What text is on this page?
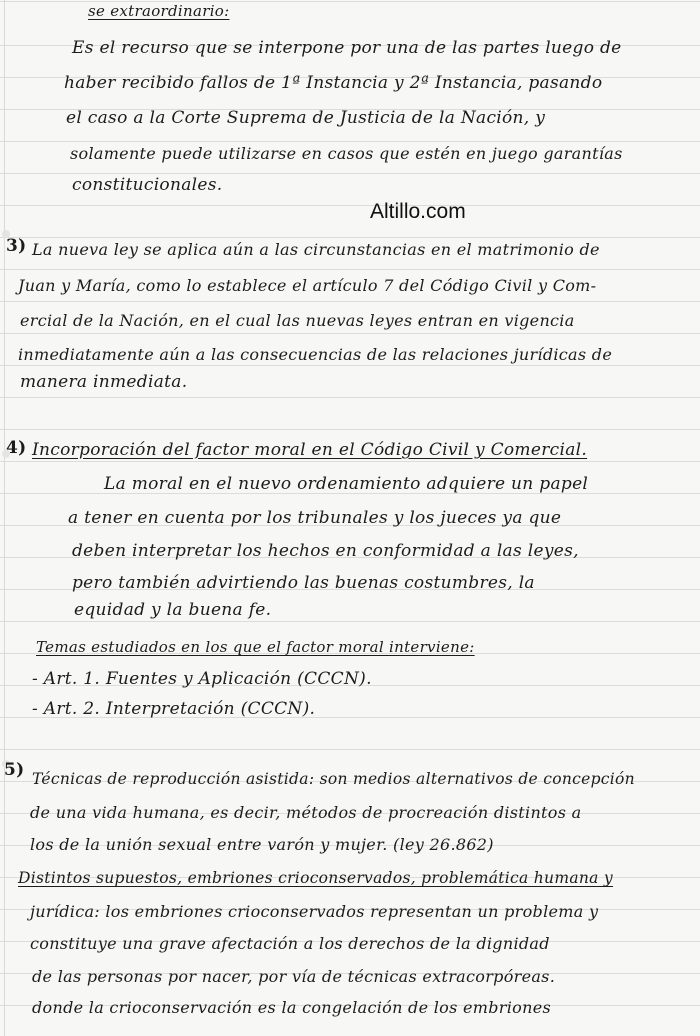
se extraordinario:
Es el recurso que se interpone por una de las partes luego de
haber recibido fallos de 1ª Instancia y 2ª Instancia, pasando
el caso a la Corte Suprema de Justicia de la Nación, y
solamente puede utilizarse en casos que estén en juego garantías
constitucionales.
Altillo.com
3) La nueva ley se aplica aún a las circunstancias en el matrimonio de
Juan y María, como lo establece el artículo 7 del Código Civil y Com-
ercial de la Nación, en el cual las nuevas leyes entran en vigencia
inmediatamente aún a las consecuencias de las relaciones jurídicas de
manera inmediata.
4) Incorporación del factor moral en el Código Civil y Comercial.
La moral en el nuevo ordenamiento adquiere un papel
a tener en cuenta por los tribunales y los jueces ya que
deben interpretar los hechos en conformidad a las leyes,
pero también advirtiendo las buenas costumbres, la
equidad y la buena fe.
Temas estudiados en los que el factor moral interviene:
- Art. 1. Fuentes y Aplicación (CCCN).
- Art. 2. Interpretación (CCCN).
5) Técnicas de reproducción asistida: son medios alternativos de concepción
de una vida humana, es decir, métodos de procreación distintos a
los de la unión sexual entre varón y mujer. (ley 26.862)
Distintos supuestos, embriones crioconservados, problemática humana y
jurídica: los embriones crioconservados representan un problema y
constituye una grave afectación a los derechos de la dignidad
de las personas por nacer, por vía de técnicas extracorpóreas.
donde la crioconservación es la congelación de los embriones
